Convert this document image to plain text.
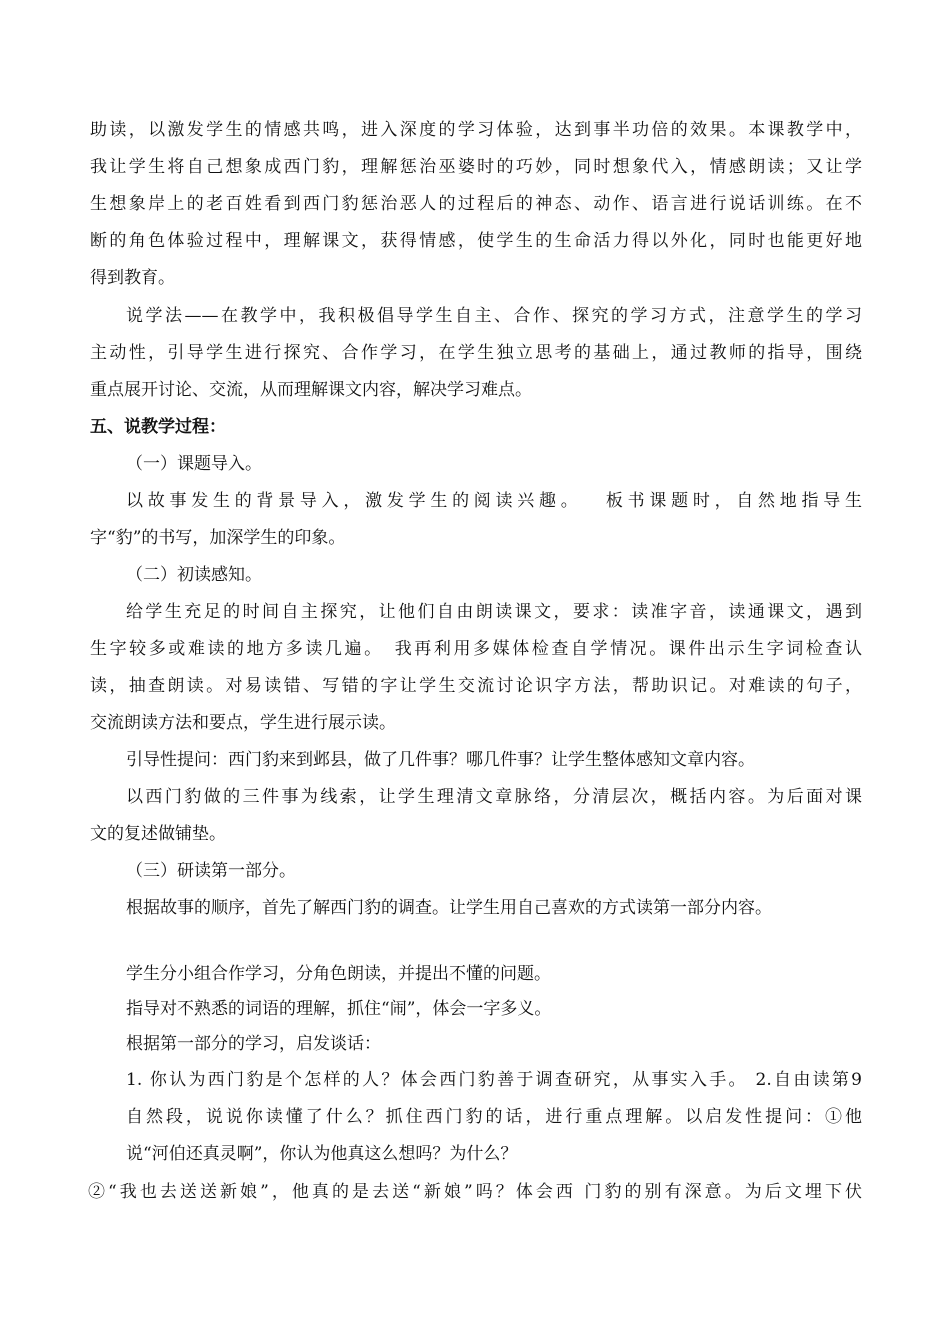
助读，以激发学生的情感共鸣，进入深度的学习体验，达到事半功倍的效果。本课教学中，
我让学生将自己想象成西门豹，理解惩治巫婆时的巧妙，同时想象代入，情感朗读；又让学
生想象岸上的老百姓看到西门豹惩治恶人的过程后的神态、动作、语言进行说话训练。在不
断的角色体验过程中，理解课文，获得情感，使学生的生命活力得以外化，同时也能更好地
得到教育。
说学法——在教学中，我积极倡导学生自主、合作、探究的学习方式，注意学生的学习
主动性，引导学生进行探究、合作学习，在学生独立思考的基础上，通过教师的指导，围绕
重点展开讨论、交流，从而理解课文内容，解决学习难点。
五、说教学过程：
（一）课题导入。
以故事发生的背景导入，激发学生的阅读兴趣。　 板书课题时，自然地指导生
字“豹”的书写，加深学生的印象。
（二）初读感知。
给学生充足的时间自主探究，让他们自由朗读课文，要求：读准字音，读通课文，遇到
生字较多或难读的地方多读几遍。　我再利用多媒体检查自学情况。课件出示生字词检查认
读，抽查朗读。对易读错、写错的字让学生交流讨论识字方法，帮助识记。对难读的句子，
交流朗读方法和要点，学生进行展示读。
引导性提问：西门豹来到邺县，做了几件事？哪几件事？让学生整体感知文章内容。
以西门豹做的三件事为线索，让学生理清文章脉络，分清层次，概括内容。为后面对课
文的复述做铺垫。
（三）研读第一部分。
根据故事的顺序，首先了解西门豹的调查。让学生用自己喜欢的方式读第一部分内容。
学生分小组合作学习，分角色朗读，并提出不懂的问题。
指导对不熟悉的词语的理解，抓住“闹”，体会一字多义。
根据第一部分的学习，启发谈话：
1. 你认为西门豹是个怎样的人？体会西门豹善于调查研究，从事实入手。 2.自由读第9
自然段，说说你读懂了什么？抓住西门豹的话，进行重点理解。以启发性提问：①他
说“河伯还真灵啊”，你认为他真这么想吗？为什么？
②“我也去送送新娘”，他真的是去送“新娘”吗？体会西 门豹的别有深意。为后文埋下伏
